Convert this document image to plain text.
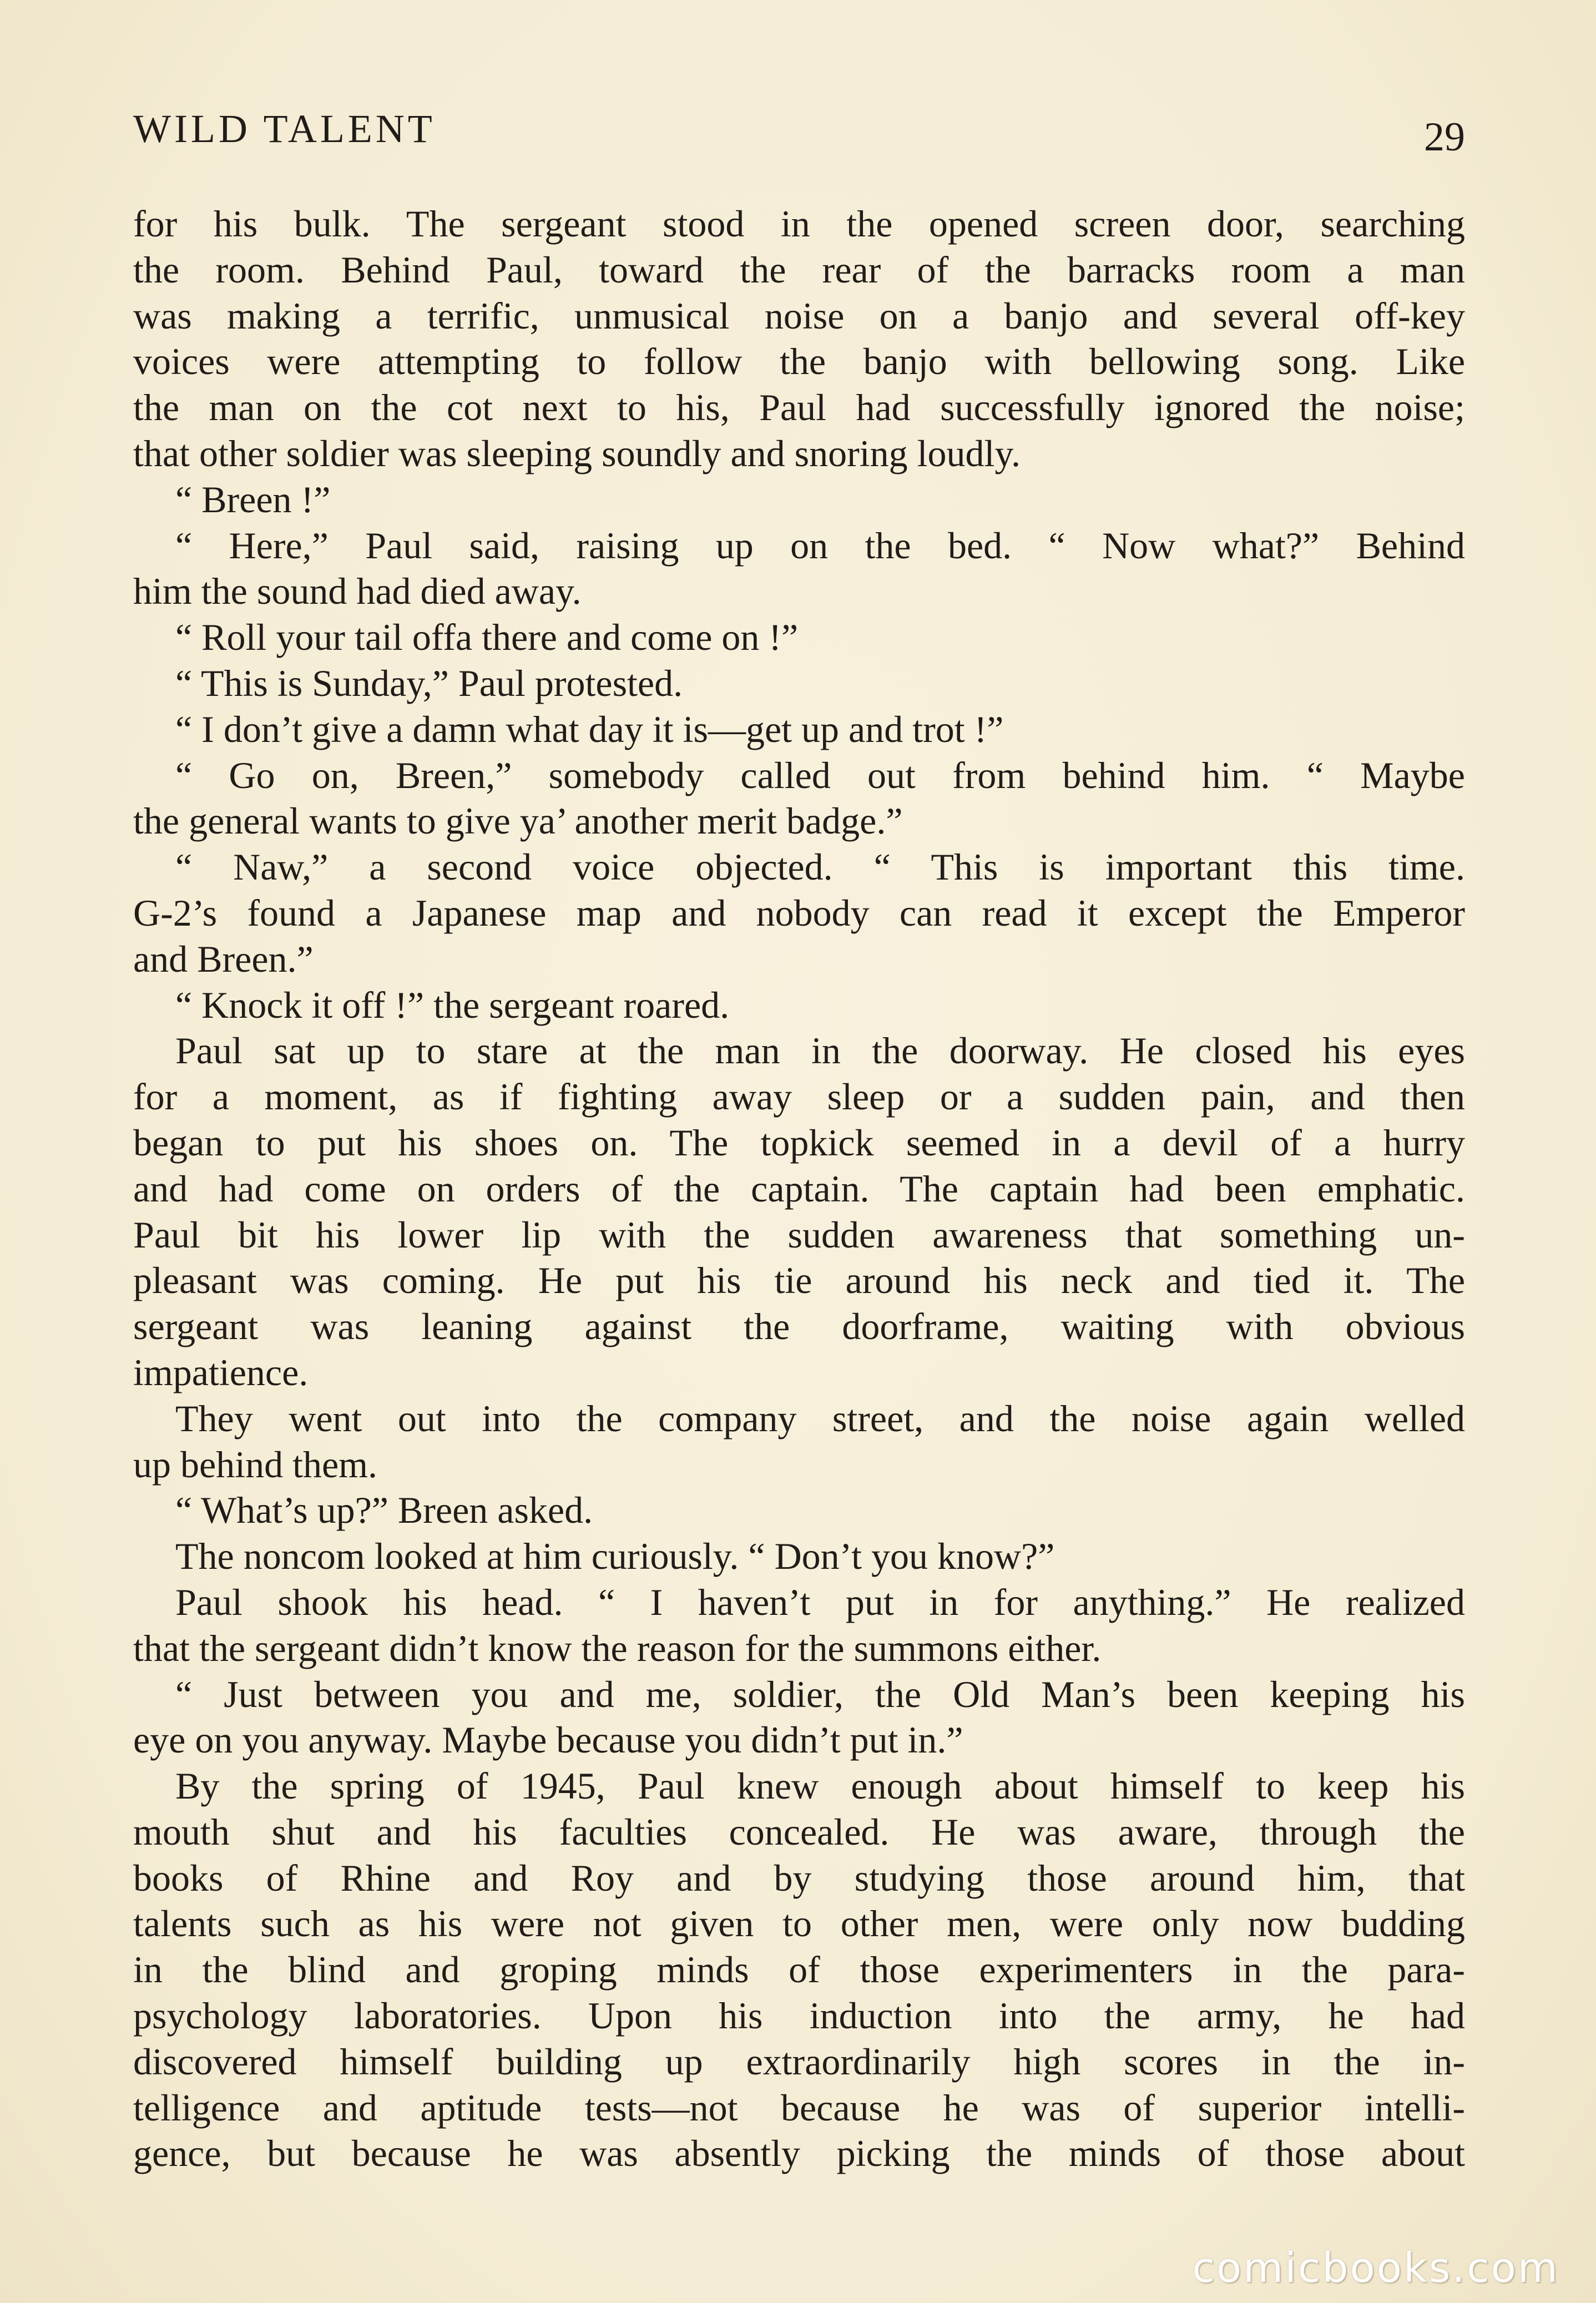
WILD TALENT	29
for his bulk. The sergeant stood in the opened screen door, searching
the room. Behind Paul, toward the rear of the barracks room a man
was making a terrific, unmusical noise on a banjo and several off-key
voices were attempting to follow the banjo with bellowing song. Like
the man on the cot next to his, Paul had successfully ignored the noise;
that other soldier was sleeping soundly and snoring loudly.
“ Breen !”
“ Here,” Paul said, raising up on the bed. “ Now what?” Behind
him the sound had died away.
“ Roll your tail offa there and come on !”
“ This is Sunday,” Paul protested.
“ I don’t give a damn what day it is—get up and trot !”
“ Go on, Breen,” somebody called out from behind him. “ Maybe
the general wants to give ya’ another merit badge.”
“ Naw,” a second voice objected. “ This is important this time.
G-2’s found a Japanese map and nobody can read it except the Emperor
and Breen.”
“ Knock it off !” the sergeant roared.
Paul sat up to stare at the man in the doorway. He closed his eyes
for a moment, as if fighting away sleep or a sudden pain, and then
began to put his shoes on. The topkick seemed in a devil of a hurry
and had come on orders of the captain. The captain had been emphatic.
Paul bit his lower lip with the sudden awareness that something un-
pleasant was coming. He put his tie around his neck and tied it. The
sergeant was leaning against the doorframe, waiting with obvious
impatience.
They went out into the company street, and the noise again welled
up behind them.
“ What’s up?” Breen asked.
The noncom looked at him curiously. “ Don’t you know?”
Paul shook his head. “ I haven’t put in for anything.” He realized
that the sergeant didn’t know the reason for the summons either.
“ Just between you and me, soldier, the Old Man’s been keeping his
eye on you anyway. Maybe because you didn’t put in.”
By the spring of 1945, Paul knew enough about himself to keep his
mouth shut and his faculties concealed. He was aware, through the
books of Rhine and Roy and by studying those around him, that
talents such as his were not given to other men, were only now budding
in the blind and groping minds of those experimenters in the para-
psychology laboratories. Upon his induction into the army, he had
discovered himself building up extraordinarily high scores in the in-
telligence and aptitude tests—not because he was of superior intelli-
gence, but because he was absently picking the minds of those about
comicbooks.com
